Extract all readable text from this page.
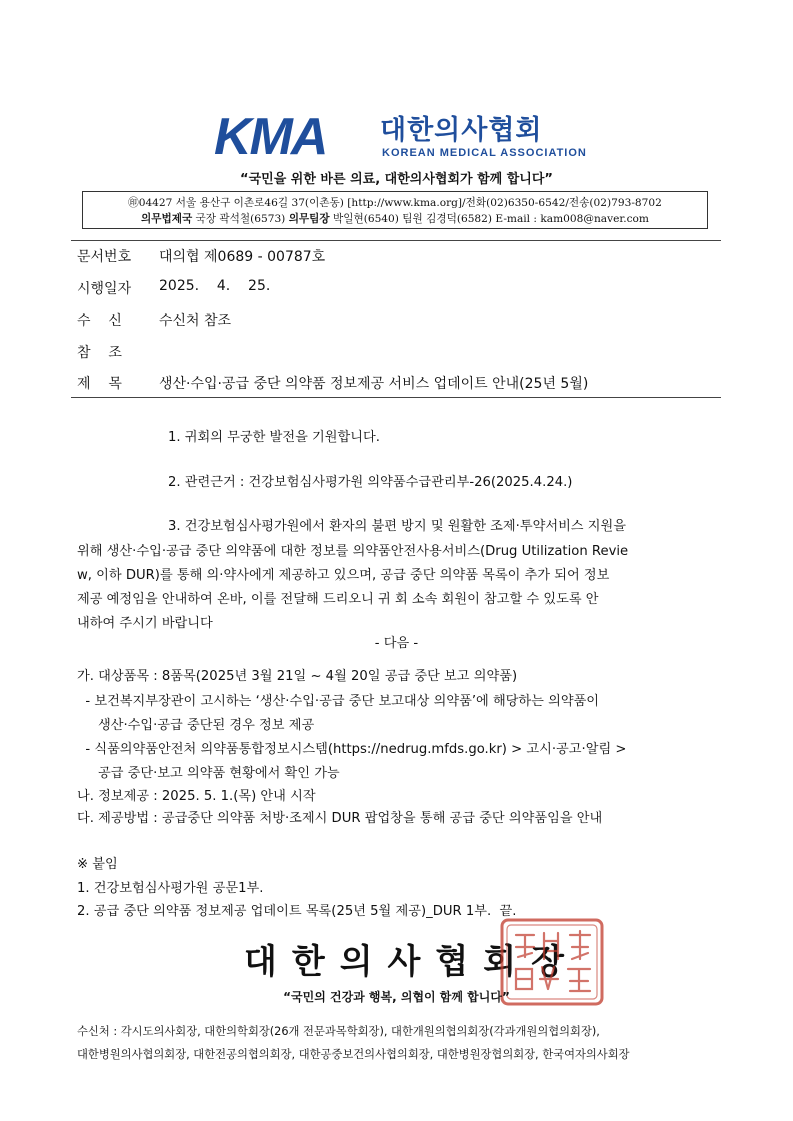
KMA	대한의사협회
KOREAN MEDICAL ASSOCIATION
“국민을 위한 바른 의료, 대한의사협회가 함께 합니다”
㊞04427 서울 용산구 이촌로46길 37(이촌동) [http://www.kma.org]/전화(02)6350-6542/전송(02)793-8702
의무법제국 국장 곽석철(6573) 의무팀장 박일현(6540) 팀원 김경덕(6582) E-mail : kam008@naver.com
문서번호 대의협 제0689 - 00787호
시행일자 2025.    4.    25.
수    신	수신처 참조
참    조
제    목	생산·수입·공급 중단 의약품 정보제공 서비스 업데이트 안내(25년 5월)
1. 귀회의 무궁한 발전을 기원합니다.
2. 관련근거 : 건강보험심사평가원 의약품수급관리부-26(2025.4.24.)
3. 건강보험심사평가원에서 환자의 불편 방지 및 원활한 조제·투약서비스 지원을
위해 생산·수입·공급 중단 의약품에 대한 정보를 의약품안전사용서비스(Drug Utilization Revie
w, 이하 DUR)를 통해 의·약사에게 제공하고 있으며, 공급 중단 의약품 목록이 추가 되어 정보
제공 예정임을 안내하여 온바, 이를 전달해 드리오니 귀 회 소속 회원이 참고할 수 있도록 안
내하여 주시기 바랍니다
- 다음 -
가. 대상품목 : 8품목(2025년 3월 21일 ~ 4월 20일 공급 중단 보고 의약품)
- 보건복지부장관이 고시하는 ‘생산·수입·공급 중단 보고대상 의약품’에 해당하는 의약품이
생산·수입·공급 중단된 경우 정보 제공
- 식품의약품안전처 의약품통합정보시스템(https://nedrug.mfds.go.kr) > 고시·공고·알림 >
공급 중단·보고 의약품 현황에서 확인 가능
나. 정보제공 : 2025. 5. 1.(목) 안내 시작
다. 제공방법 : 공급중단 의약품 처방·조제시 DUR 팝업창을 통해 공급 중단 의약품임을 안내
※ 붙임
1. 건강보험심사평가원 공문1부.
2. 공급 중단 의약품 정보제공 업데이트 목록(25년 5월 제공)_DUR 1부.  끝.
대한의사협회장
“국민의 건강과 행복, 의협이 함께 합니다”
수신처 : 각시도의사회장, 대한의학회장(26개 전문과목학회장), 대한개원의협의회장(각과개원의협의회장),
대한병원의사협의회장, 대한전공의협의회장, 대한공중보건의사협의회장, 대한병원장협의회장, 한국여자의사회장
